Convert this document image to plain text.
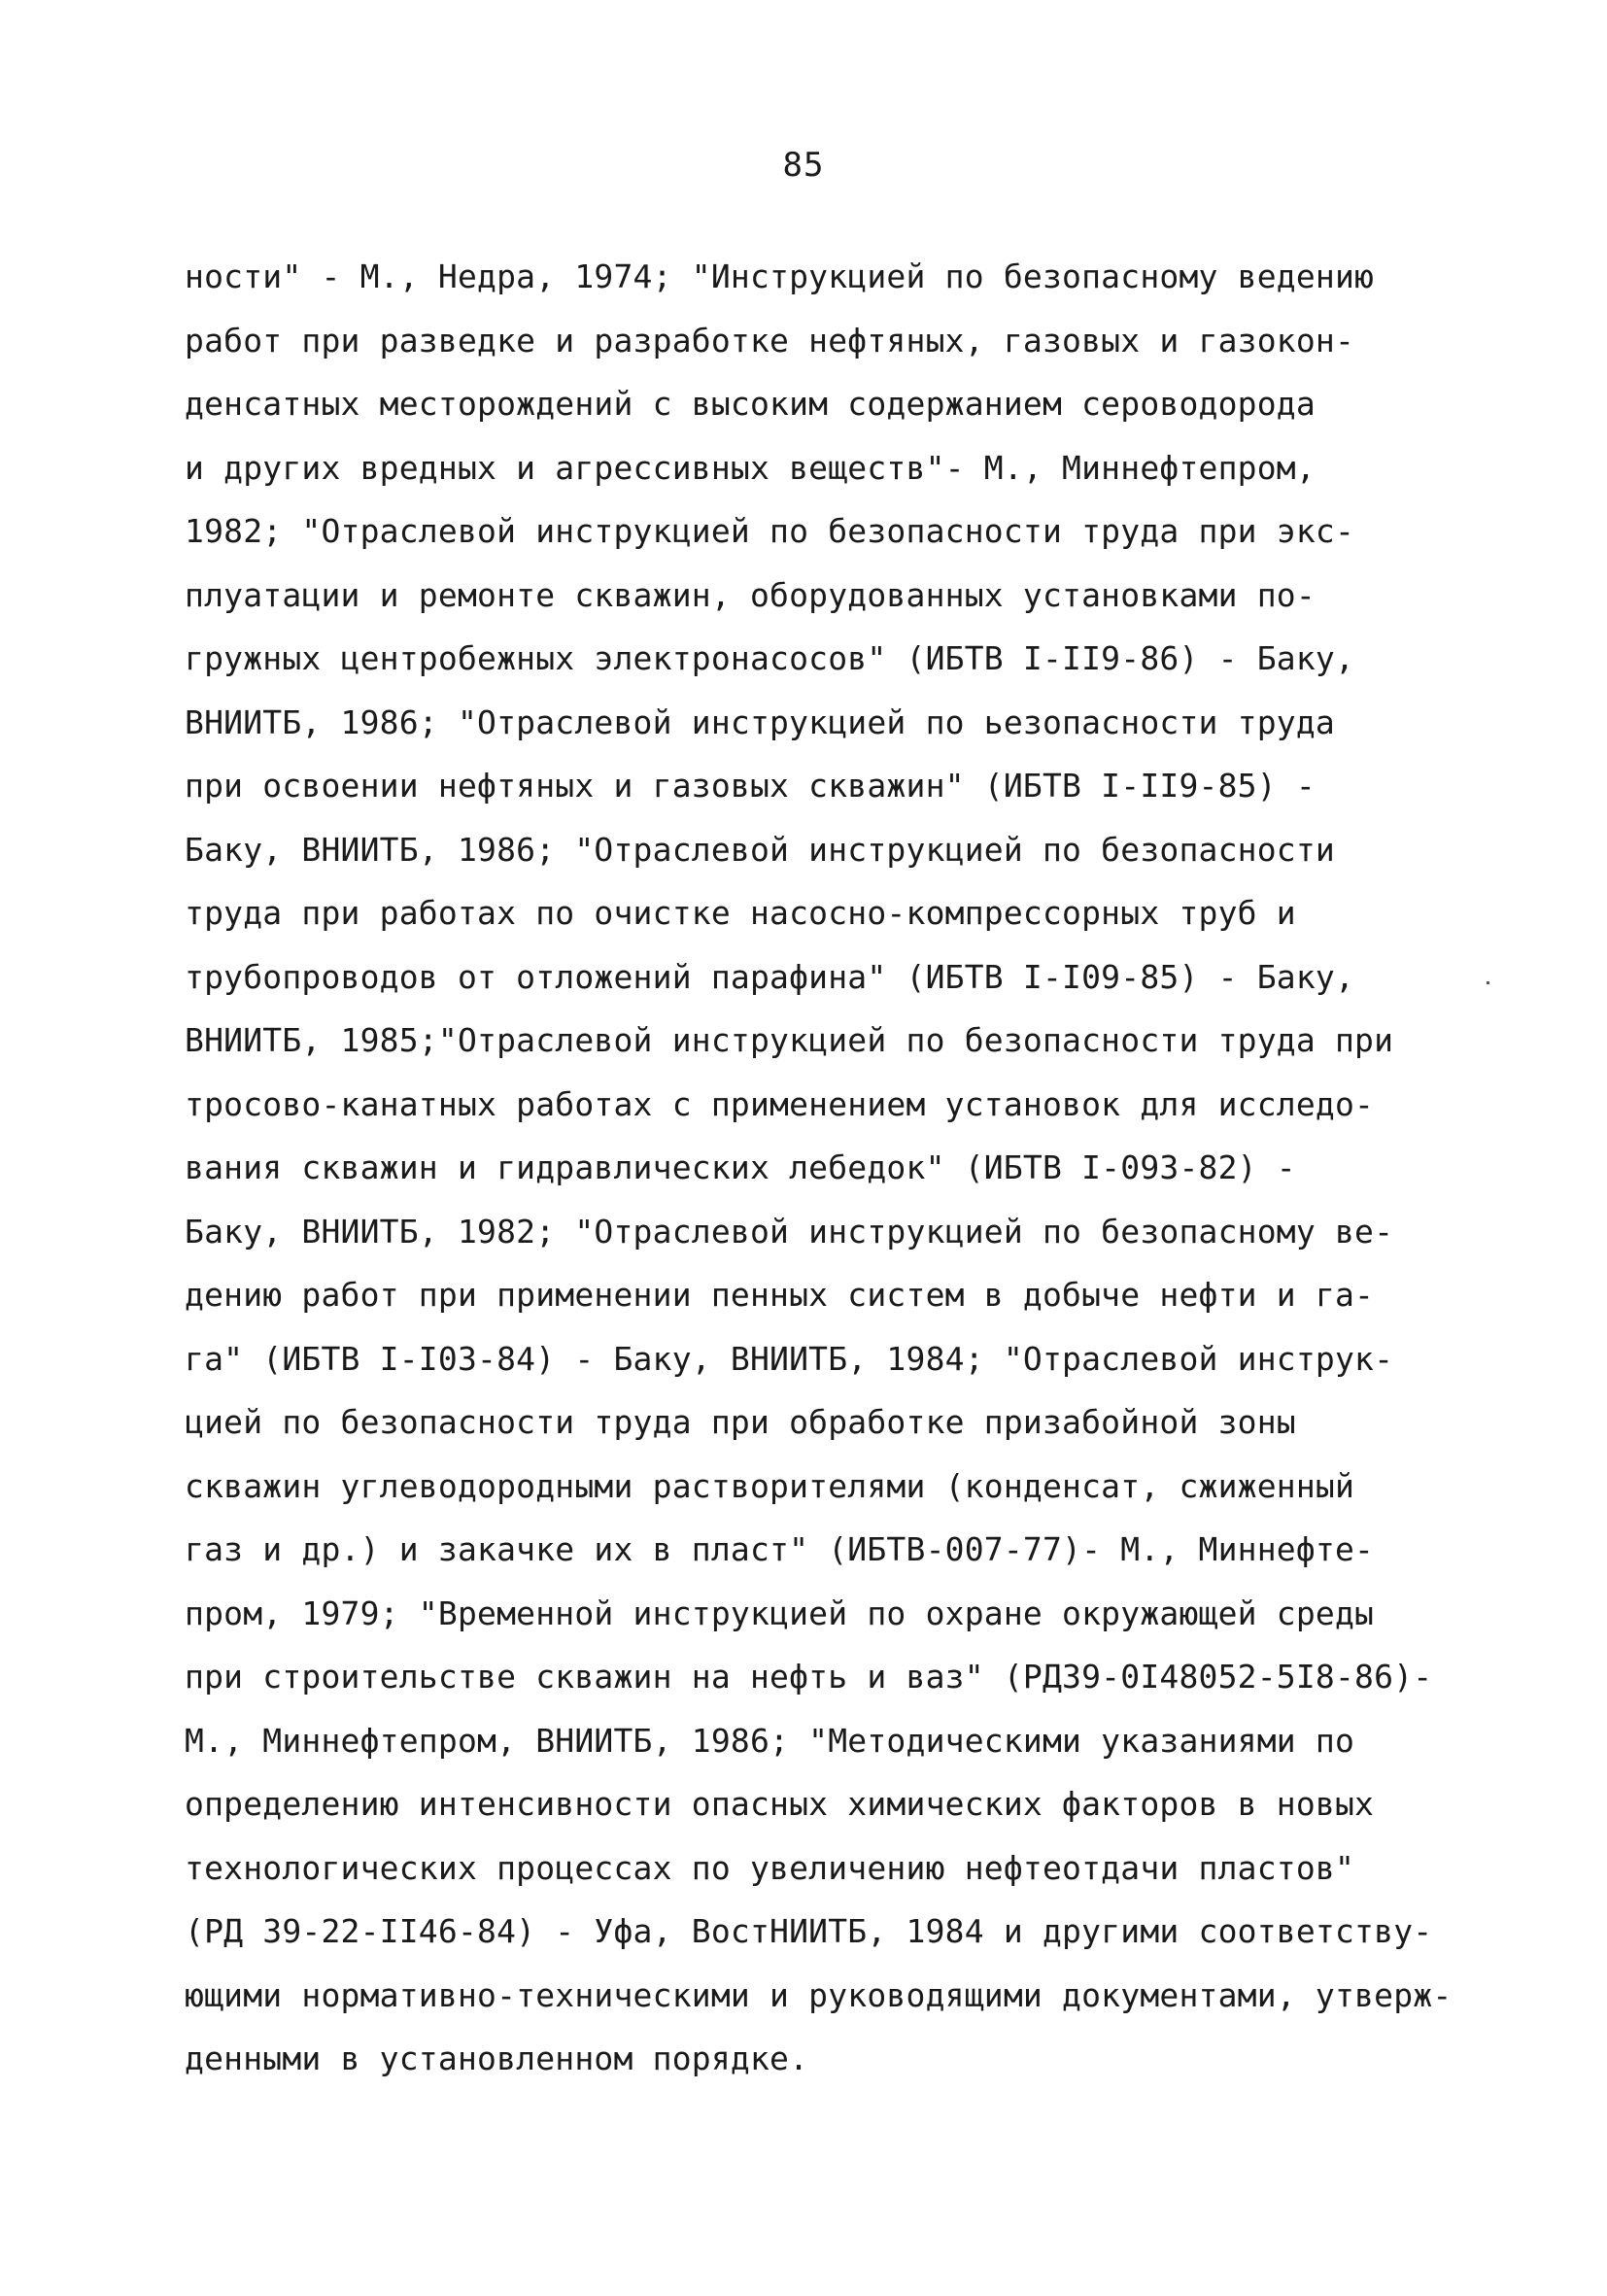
85
ности" - М., Недра, 1974; "Инструкцией по безопасному ведению
работ при разведке и разработке нефтяных, газовых и газокон-
денсатных месторождений с высоким содержанием сероводорода
и других вредных и агрессивных веществ"- М., Миннефтепром,
1982; "Отраслевой инструкцией по безопасности труда при экс-
плуатации и ремонте скважин, оборудованных установками по-
гружных центробежных электронасосов" (ИБТВ I-II9-86) - Баку,
ВНИИТБ, 1986; "Отраслевой инструкцией по ьезопасности труда
при освоении нефтяных и газовых скважин" (ИБТВ I-II9-85) -
Баку, ВНИИТБ, 1986; "Отраслевой инструкцией по безопасности
труда при работах по очистке насосно-компрессорных труб и
трубопроводов от отложений парафина" (ИБТВ I-I09-85) - Баку,
ВНИИТБ, 1985;"Отраслевой инструкцией по безопасности труда при
тросово-канатных работах с применением установок для исследо-
вания скважин и гидравлических лебедок" (ИБТВ I-093-82) -
Баку, ВНИИТБ, 1982; "Отраслевой инструкцией по безопасному ве-
дению работ при применении пенных систем в добыче нефти и га-
га" (ИБТВ I-I03-84) - Баку, ВНИИТБ, 1984; "Отраслевой инструк-
цией по безопасности труда при обработке призабойной зоны
скважин углеводородными растворителями (конденсат, сжиженный
газ и др.) и закачке их в пласт" (ИБТВ-007-77)- М., Миннефте-
пром, 1979; "Временной инструкцией по охране окружающей среды
при строительстве скважин на нефть и ваз" (РД39-0I48052-5I8-86)-
М., Миннефтепром, ВНИИТБ, 1986; "Методическими указаниями по
определению интенсивности опасных химических факторов в новых
технологических процессах по увеличению нефтеотдачи пластов"
(РД 39-22-II46-84) - Уфа, ВостНИИТБ, 1984 и другими соответству-
ющими нормативно-техническими и руководящими документами, утверж-
денными в установленном порядке.
